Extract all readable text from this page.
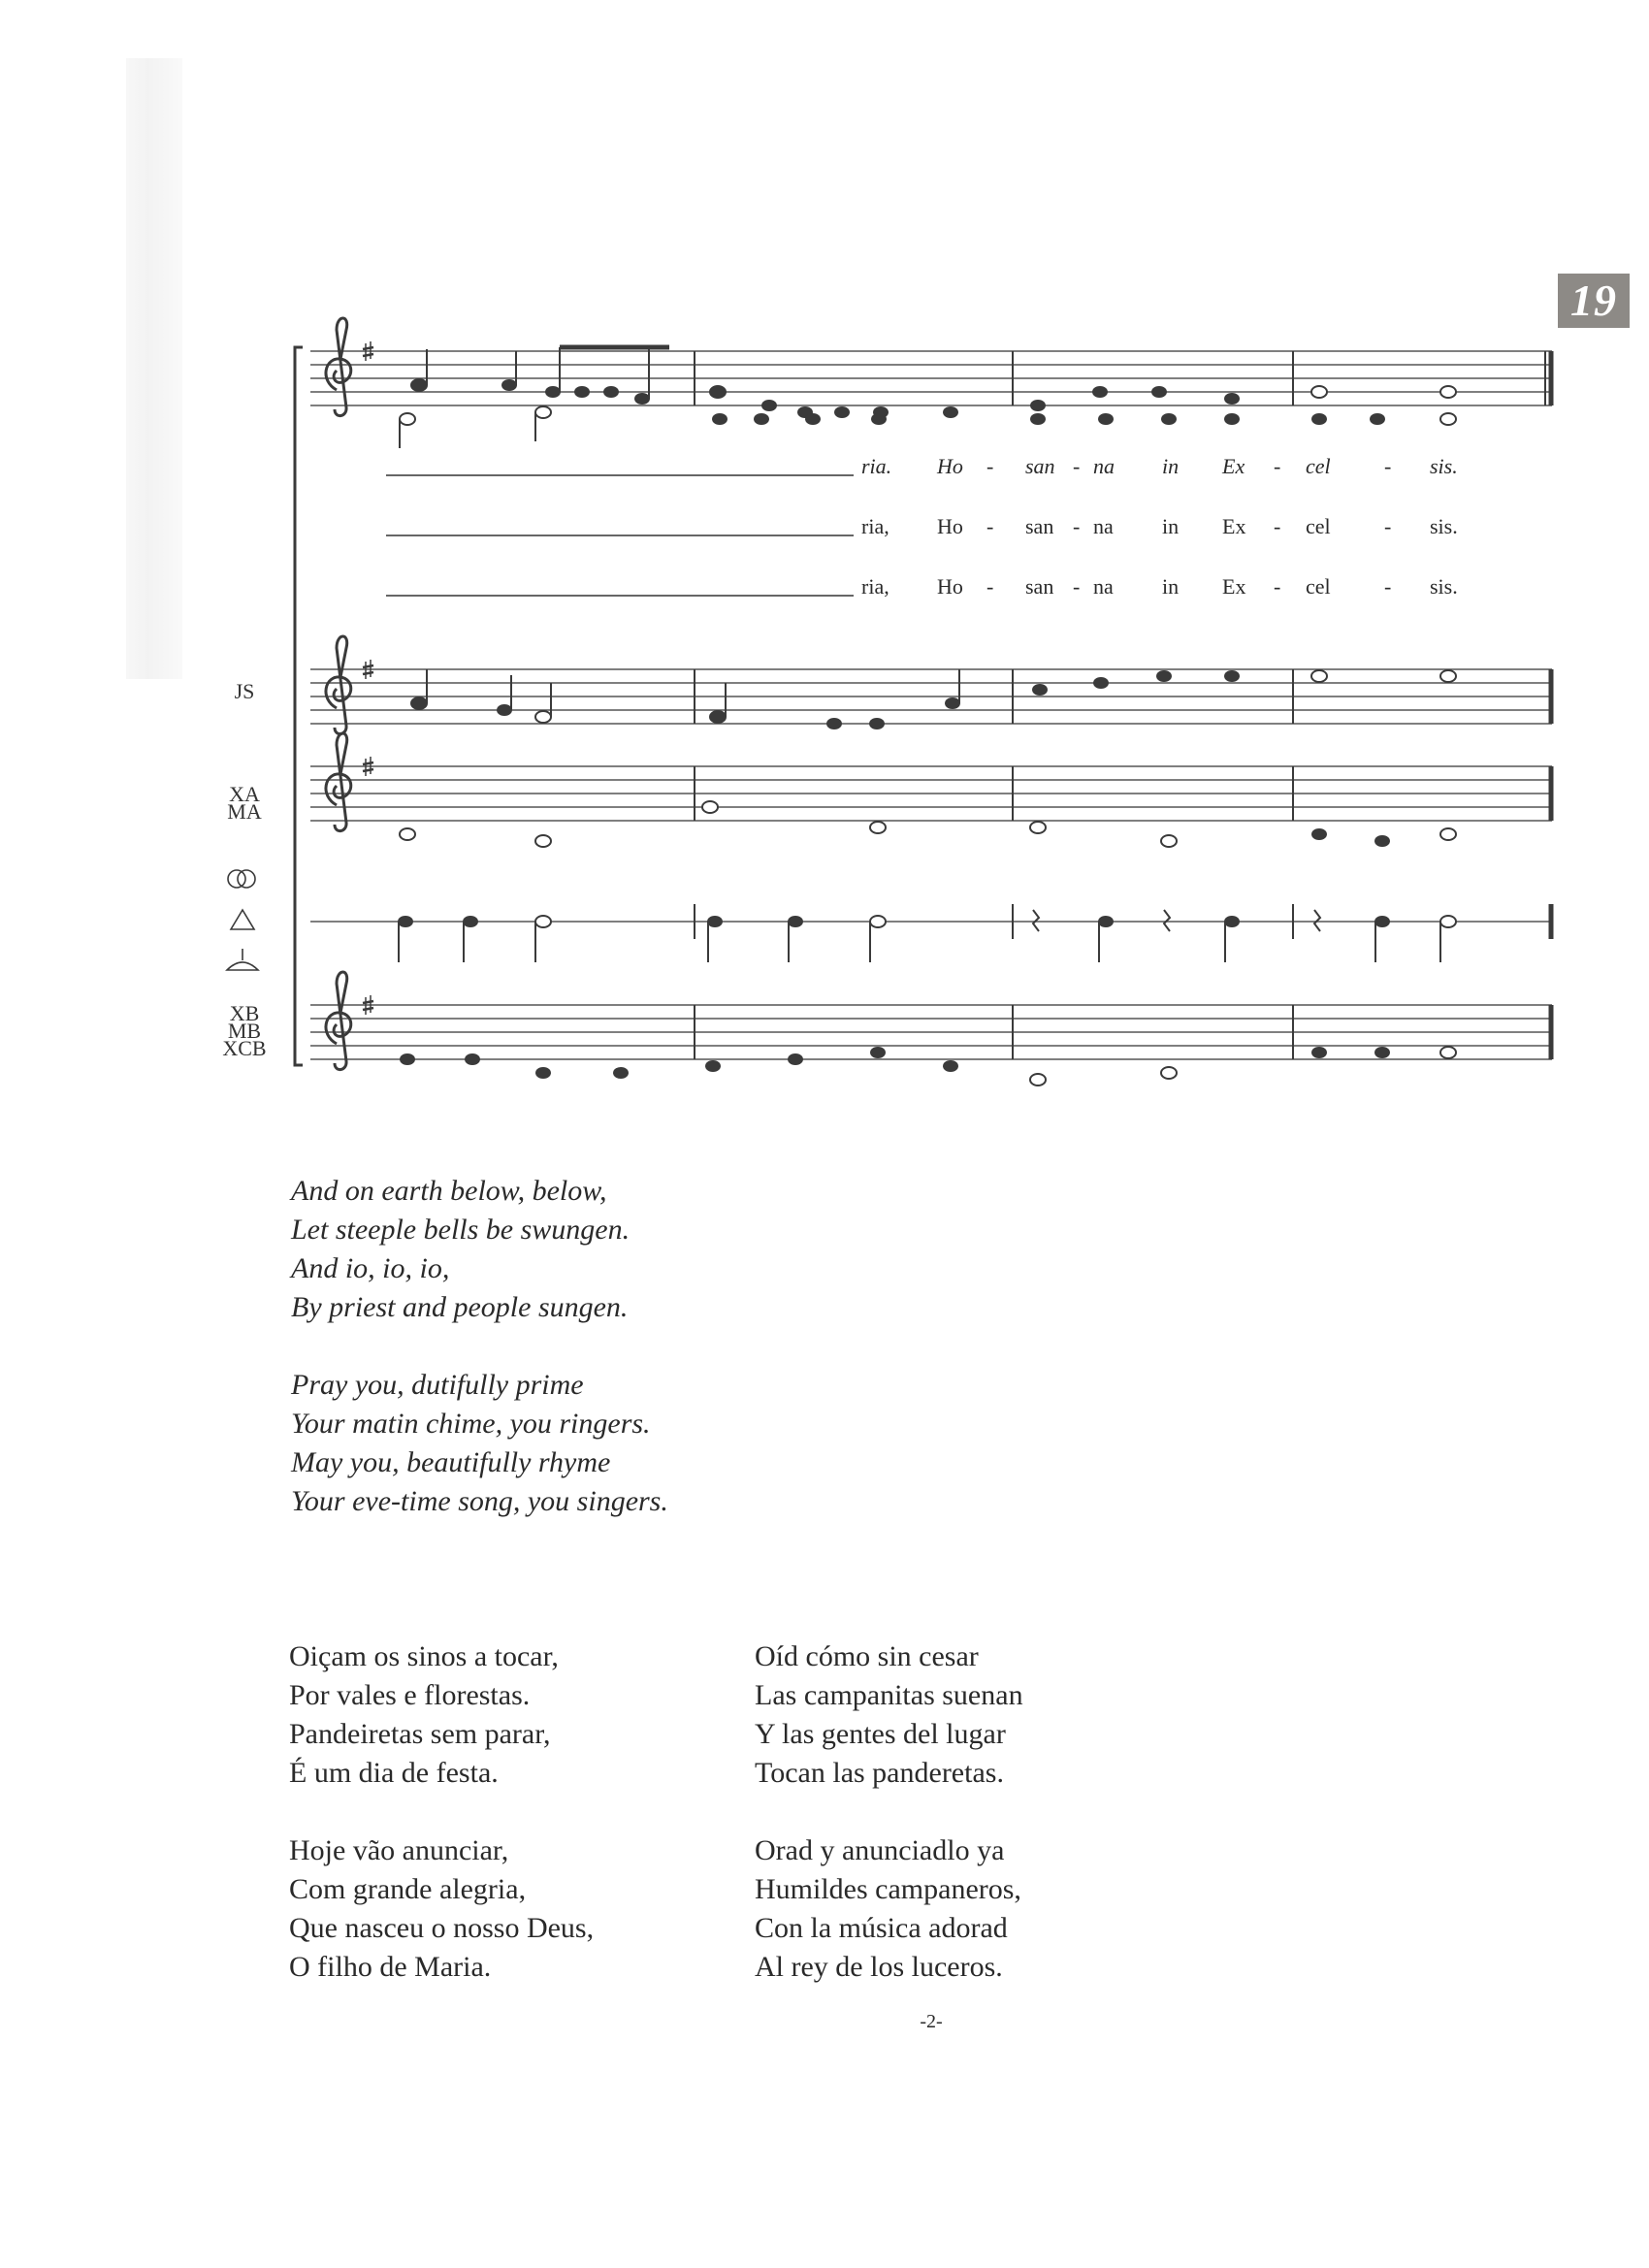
19
ria. Ho - san - na in Ex - cel	- sis.
ria, Ho - san - na in Ex - cel	- sis.
ria, Ho - san - na in Ex - cel	- sis.
JS
XA
MA
XB
MB
XCB
And on earth below, below,
Let steeple bells be swungen.
And io, io, io,
By priest and people sungen.
Pray you, dutifully prime
Your matin chime, you ringers.
May you, beautifully rhyme
Your eve-time song, you singers.
Oiçam os sinos a tocar,
Por vales e florestas.
Pandeiretas sem parar,
É um dia de festa.
Hoje vão anunciar,
Com grande alegria,
Que nasceu o nosso Deus,
O filho de Maria.
Oíd cómo sin cesar
Las campanitas suenan
Y las gentes del lugar
Tocan las panderetas.
Orad y anunciadlo ya
Humildes campaneros,
Con la música adorad
Al rey de los luceros.
-2-
